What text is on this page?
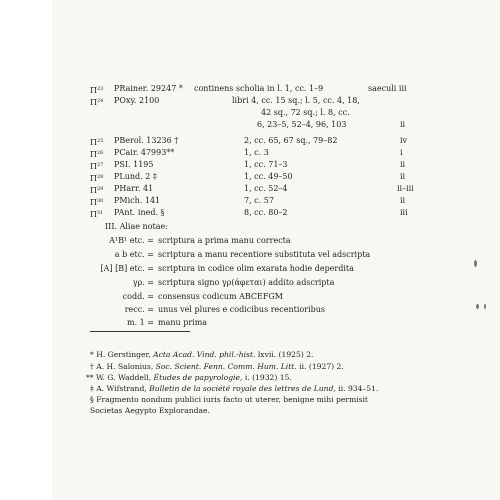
$\Pi^{23}$ PRainer. 29247 * continens scholia in l. 1, cc. 1–9	saeculi iii
$\Pi^{24}$ POxy. 2100	libri 4, cc. 15 sq.; l. 5, cc. 4, 18,
42 sq., 72 sq.; l. 8, cc.
6, 23–5, 52–4, 96, 103	ii
$\Pi^{25}$ PBerol. 13236 †	2, cc. 65, 67 sq., 79–82	iv
$\Pi^{26}$ PCair. 47993**	1, c. 3	i
$\Pi^{27}$ PSI. 1195	1, cc. 71–3	ii
$\Pi^{28}$ PLund. 2 ‡	1, cc. 49–50	ii
$\Pi^{29}$ PHarr. 41	1, cc. 52–4	ii–iii
$\Pi^{30}$ PMich. 141	7, c. 57	ii
$\Pi^{31}$ PAnt. ined. §	8, cc. 80–2	iii
III. Aliae notae:
A¹B¹ etc. = scriptura a prima manu correcta
a b etc. = scriptura a manu recentiore substituta vel adscripta
[A] [B] etc. = scriptura in codice olim exarata hodie deperdita
γρ. = scriptura signo γρ(άφεται) addito adscripta
codd. = consensus codicum ABCEFGM
recc. = unus vel plures e codicibus recentioribus
m. 1 = manu prima
* H. Gerstinger, Acta Acad. Vind. phil.-hist. lxvii. (1925) 2.
† A. H. Salonius, Soc. Scient. Fenn. Comm. Hum. Litt. ii. (1927) 2.
** W. G. Waddell, Études de papyrologie, i. (1932) 15.
‡ A. Wifstrand, Bulletin de la société royale des lettres de Lund, ii. 934–51.
§ Fragmento nondum publici iuris facto ut uterer, benigne mihi permisit
Societas Aegypto Explorandae.
